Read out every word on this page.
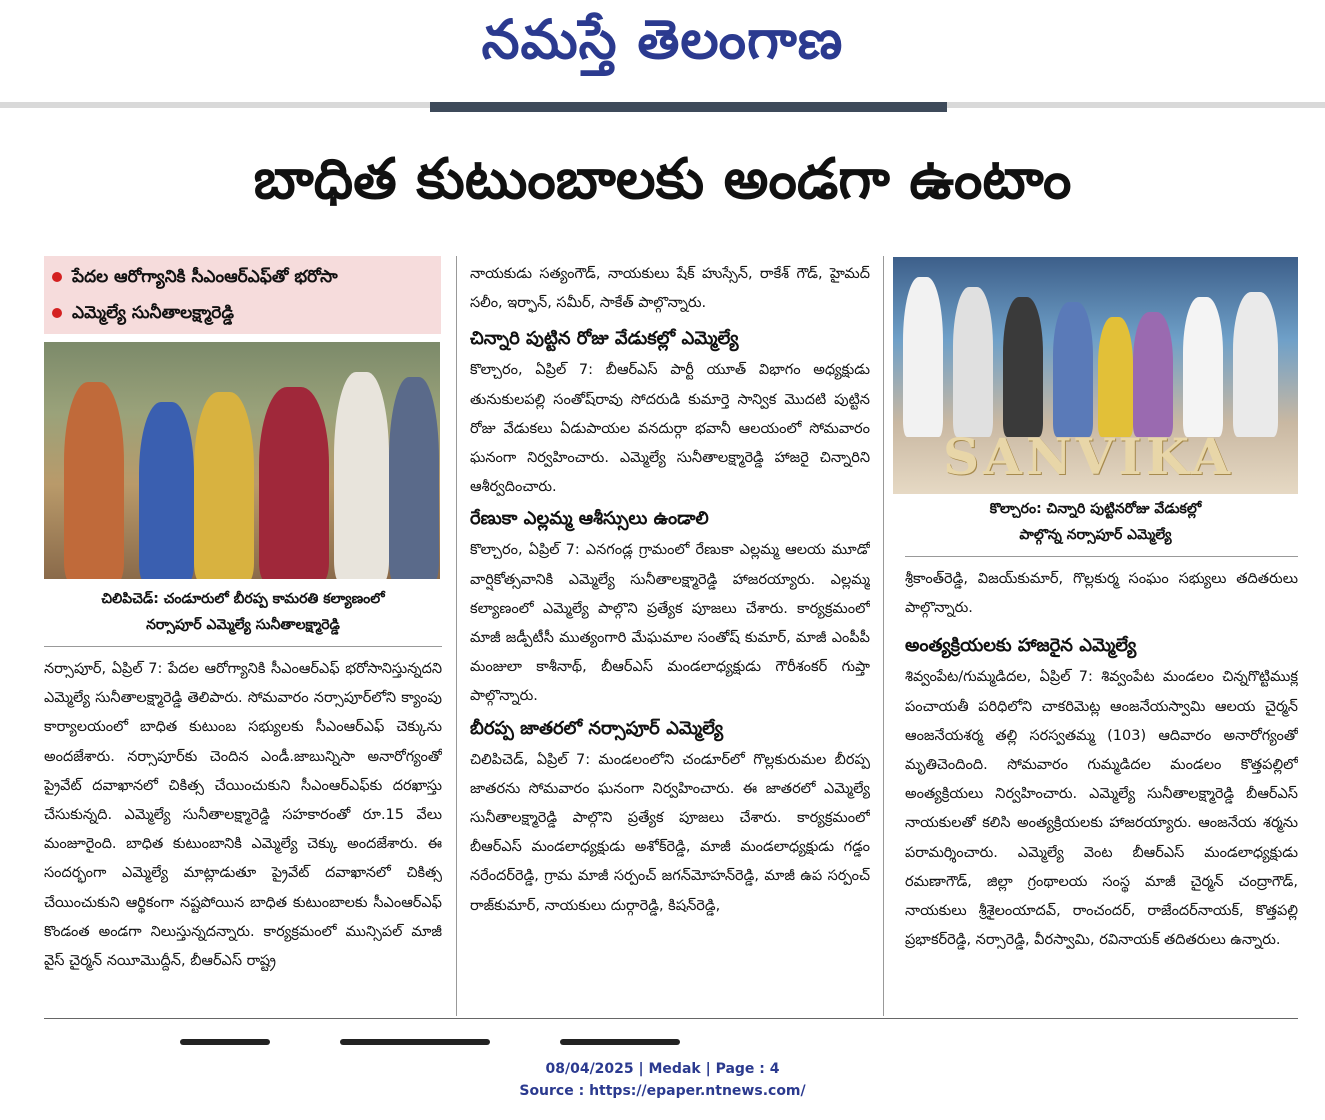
నమస్తే తెలంగాణ
బాధిత కుటుంబాలకు అండగా ఉంటాం
పేదల ఆరోగ్యానికి సీఎంఆర్ఎఫ్‌తో భరోసా
ఎమ్మెల్యే సునీతాలక్ష్మారెడ్డి
చిలిపిచెడ్: చండూరులో బీరప్ప కామరతి కల్యాణంలో
నర్సాపూర్ ఎమ్మెల్యే సునీతాలక్ష్మారెడ్డి

నర్సాపూర్, ఏప్రిల్ 7: పేదల ఆరోగ్యానికి సీఎంఆర్ఎఫ్ భరోసానిస్తున్నదని ఎమ్మెల్యే సునీతాలక్ష్మారెడ్డి తెలిపారు. సోమవారం నర్సాపూర్‌లోని క్యాంపు కార్యాలయంలో బాధిత కుటుంబ సభ్యులకు సీఎంఆర్ఎఫ్ చెక్కును అందజేశారు. నర్సాపూర్‌కు చెందిన ఎండీ.జాబున్నిసా అనారోగ్యంతో ప్రైవేట్ దవాఖానలో చికిత్స చేయించుకుని సీఎంఆర్ఎఫ్‌కు దరఖాస్తు చేసుకున్నది. ఎమ్మెల్యే సునీతాలక్ష్మారెడ్డి సహకారంతో రూ.15 వేలు మంజూరైంది. బాధిత కుటుంబానికి ఎమ్మెల్యే చెక్కు అందజేశారు. ఈ సందర్భంగా ఎమ్మెల్యే మాట్లాడుతూ ప్రైవేట్ దవాఖానలో చికిత్స చేయించుకుని ఆర్థికంగా నష్టపోయిన బాధిత కుటుంబాలకు సీఎంఆర్ఎఫ్ కొండంత అండగా నిలుస్తున్నదన్నారు. కార్యక్రమంలో మున్సిపల్ మాజీ వైస్ చైర్మన్ నయీమొద్దీన్, బీఆర్ఎస్ రాష్ట్ర

నాయకుడు సత్యంగౌడ్, నాయకులు షేక్ హుస్సేన్, రాకేశ్ గౌడ్, హైమద్ సలీం, ఇర్ఫాన్, సమీర్, సాకేత్ పాల్గొన్నారు.

చిన్నారి పుట్టిన రోజు వేడుకల్లో ఎమ్మెల్యే

కొల్చారం, ఏప్రిల్ 7: బీఆర్ఎస్ పార్టీ యూత్ విభాగం అధ్యక్షుడు తునుకులపల్లి సంతోష్‌రావు సోదరుడి కుమార్తె సాన్విక మొదటి పుట్టిన రోజు వేడుకలు ఏడుపాయల వనదుర్గా భవానీ ఆలయంలో సోమవారం ఘనంగా నిర్వహించారు. ఎమ్మెల్యే సునీతాలక్ష్మారెడ్డి హాజరై చిన్నారిని ఆశీర్వదించారు.

రేణుకా ఎల్లమ్మ ఆశీస్సులు ఉండాలి

కొల్చారం, ఏప్రిల్ 7: ఎనగండ్ల గ్రామంలో రేణుకా ఎల్లమ్మ ఆలయ మూడో వార్షికోత్సవానికి ఎమ్మెల్యే సునీతాలక్ష్మారెడ్డి హాజరయ్యారు. ఎల్లమ్మ కల్యాణంలో ఎమ్మెల్యే పాల్గొని ప్రత్యేక పూజలు చేశారు. కార్యక్రమంలో మాజీ జడ్పీటీసీ ముత్యంగారి మేఘమాల సంతోష్ కుమార్, మాజీ ఎంపీపీ మంజులా కాశీనాథ్, బీఆర్ఎస్ మండలాధ్యక్షుడు గౌరీశంకర్ గుప్తా పాల్గొన్నారు.

బీరప్ప జాతరలో నర్సాపూర్ ఎమ్మెల్యే

చిలిపిచెడ్, ఏప్రిల్ 7: మండలంలోని చండూర్‌లో గొల్లకురుమల బీరప్ప జాతరను సోమవారం ఘనంగా నిర్వహించారు. ఈ జాతరలో ఎమ్మెల్యే సునీతాలక్ష్మారెడ్డి పాల్గొని ప్రత్యేక పూజలు చేశారు. కార్యక్రమంలో బీఆర్ఎస్ మండలాధ్యక్షుడు అశోక్‌రెడ్డి, మాజీ మండలాధ్యక్షుడు గడ్డం నరేందర్‌రెడ్డి, గ్రామ మాజీ సర్పంచ్ జగన్‌మోహన్‌రెడ్డి, మాజీ ఉప సర్పంచ్ రాజ్‌కుమార్, నాయకులు దుర్గారెడ్డి, కిషన్‌రెడ్డి,

SANVIKA
కొల్చారం: చిన్నారి పుట్టినరోజు వేడుకల్లో
పాల్గొన్న నర్సాపూర్ ఎమ్మెల్యే

శ్రీకాంత్‌రెడ్డి, విజయ్‌కుమార్, గొల్లకుర్మ సంఘం సభ్యులు తదితరులు పాల్గొన్నారు.

అంత్యక్రియలకు హాజరైన ఎమ్మెల్యే

శివ్వంపేట/గుమ్మడిదల, ఏప్రిల్ 7: శివ్వంపేట మండలం చిన్నగొట్టిముక్ల పంచాయతీ పరిధిలోని చాకరిమెట్ల ఆంజనేయస్వామి ఆలయ చైర్మన్ ఆంజనేయశర్మ తల్లి సరస్వతమ్మ (103) ఆదివారం అనారోగ్యంతో మృతిచెందింది. సోమవారం గుమ్మడిదల మండలం కొత్తపల్లిలో అంత్యక్రియలు నిర్వహించారు. ఎమ్మెల్యే సునీతాలక్ష్మారెడ్డి బీఆర్ఎస్ నాయకులతో కలిసి అంత్యక్రియలకు హాజరయ్యారు. ఆంజనేయ శర్మను పరామర్శించారు. ఎమ్మెల్యే వెంట బీఆర్ఎస్ మండలాధ్యక్షుడు రమణాగౌడ్, జిల్లా గ్రంథాలయ సంస్థ మాజీ చైర్మన్ చంద్రాగౌడ్, నాయకులు శ్రీశైలంయాదవ్, రాంచందర్, రాజేందర్‌నాయక్, కొత్తపల్లి ప్రభాకర్‌రెడ్డి, నర్సారెడ్డి, వీరస్వామి, రవినాయక్ తదితరులు ఉన్నారు.

08/04/2025 | Medak | Page : 4
Source : https://epaper.ntnews.com/
